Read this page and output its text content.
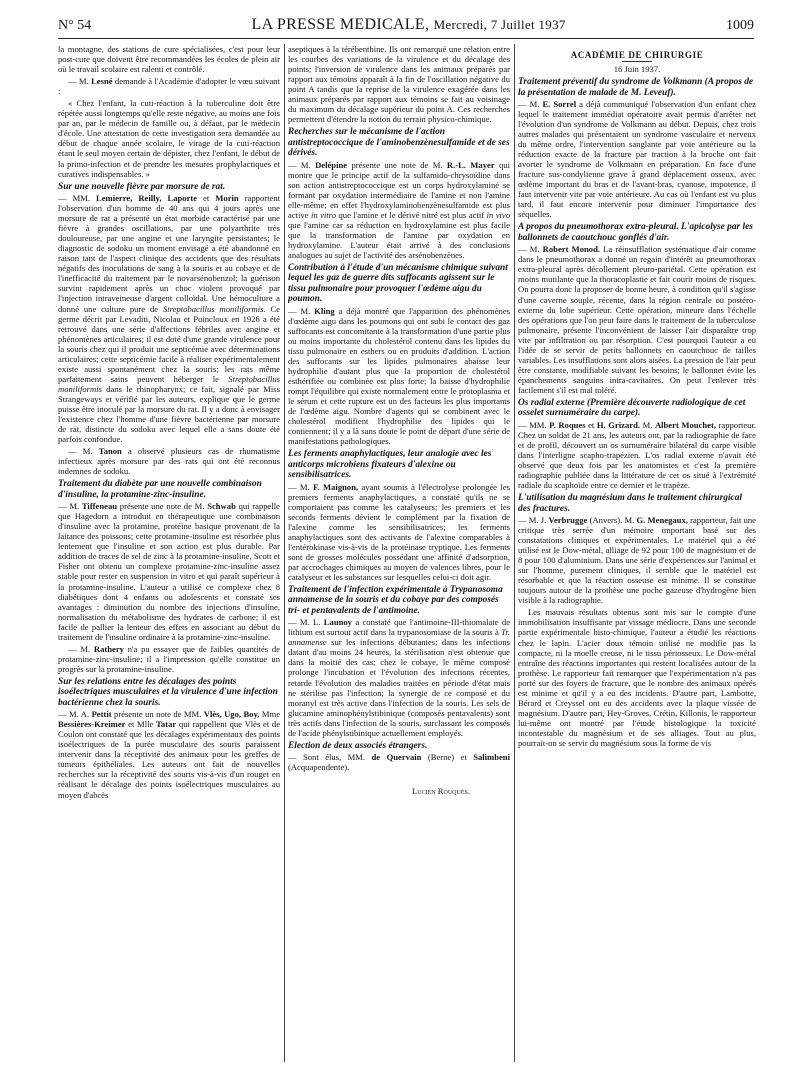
N° 54	LA PRESSE MEDICALE, Mercredi, 7 Juillet 1937	1009

la montagne, des stations de cure spécialisées, c'est pour leur post-cure que doivent être recommandées les écoles de plein air où le travail scolaire est ralenti et contrôlé.

— M. Lesné demande à l'Académie d'adopter le vœu suivant :

« Chez l'enfant, la cuti-réaction à la tuberculine doit être répétée aussi longtemps qu'elle reste négative, au moins une fois par an, par le médecin de famille ou, à défaut, par le médecin d'école. Une attestation de cette investigation sera demandée au début de chaque année scolaire, le virage de la cuti-réaction étant le seul moyen certain de dépister, chez l'enfant, le début de la primo-infection et de prendre les mesures prophylactiques et curatives indispensables. »

Sur une nouvelle fièvre par morsure de rat.

— MM. Lemierre, Reilly, Laporte et Morin rapportent l'observation d'un homme de 40 ans qui 4 jours après une morsure de rat a présenté un état morbide caractérisé par une fièvre à grandes oscillations, par une polyarthrite très douloureuse, par une angine et une laryngite persistantes; le diagnostic de sodoku un moment envisagé a été abandonné en raison tant de l'aspect clinique des accidents que des résultats négatifs des inoculations de sang à la souris et au cobaye et de l'inefficacité du traitement par le novarsénobenzol; la guérison survint rapidement après un choc violent provoqué par l'injection intraveineuse d'argent colloïdal. Une hémoculture a donné une culture pure de Streptobacillus moniliformis. Ce germe décrit par Levaditi, Nicolau et Poincloux en 1926 a été retrouvé dans une série d'affections fébriles avec angine et phénomènes articulaires; il est doté d'une grande virulence pour la souris chez qui il produit une septicémie avec déterminations articulaires; cette septicémie facile à réaliser expérimentalement existe aussi spontanément chez la souris; les rats même parfaitement sains peuvent héberger le Streptobacillus moniliformis dans le rhinopharynx; ce fait, signalé par Miss Strangeways et vérifié par les auteurs, explique que le germe puisse être inoculé par la morsure du rat. Il y a donc à envisager l'existence chez l'homme d'une fièvre bactérienne par morsure de rat, distincte du sodoku avec lequel elle a sans doute été parfois confondue.

— M. Tanon a observé plusieurs cas de rhumatisme infectieux après morsure par des rats qui ont été reconnus indemnes de sodoku.

Traitement du diabète par une nouvelle combinaison d'insuline, la protamine-zinc-insuline.

— M. Tiffeneau présente une note de M. Schwab qui rappelle que Hagedorn a introduit en thérapeutique une combinaison d'insuline avec la protamine, protéine basique provenant de la laitance des poissons; cette protamine-insuline est résorbée plus lentement que l'insuline et son action est plus durable. Par addition de traces de sel de zinc à la protamine-insuline, Scott et Fisher ont obtenu un complexe protamine-zinc-insuline assez stable pour rester en suspension in vitro et qui paraît supérieur à la protamine-insuline. L'auteur a utilisé ce complexe chez 8 diabétiques dont 4 enfants ou adolescents et constaté ses avantages : diminution du nombre des injections d'insuline, normalisation du métabolisme des hydrates de carbone; il est facile de pallier la lenteur des effets en associant au début du traitement de l'insuline ordinaire à la protamine-zinc-insuline.

— M. Rathery n'a pu essayer que de faibles quantités de protamine-zinc-insuline; il a l'impression qu'elle constitue un progrès sur la protamine-insuline.

Sur les relations entre les décalages des points isoélectriques musculaires et la virulence d'une infection bactérienne chez la souris.

— M. A. Pettit présente un note de MM. Vlès, Ugo, Boy, Mme Bessières-Kreimer et Mlle Tatar qui rappellent que Vlès et de Coulon ont constaté que les décalages expérimentaux des points isoélectriques de la purée musculaire des souris paraissent intervenir dans la réceptivité des animaux pour les greffes de tumeurs épithéliales. Les auteurs ont fait de nouvelles recherches sur la réceptivité des souris vis-à-vis d'un rouget en réalisant le décalage des points isoélectriques musculaires au moyen d'abcès

aseptiques à la térébenthine. Ils ont remarqué une relation entre les courbes des variations de la virulence et du décalage des points; l'inversion de virulence dans les animaux préparés par rapport aux témoins apparaît à la fin de l'oscillation négative du point A tandis que la reprise de la virulence exagérée dans les animaux préparés par rapport aux témoins se fait au voisinage du maximum du décalage supérieur du point A. Ces recherches permettent d'étendre la notion du terrain physico-chimique.

Recherches sur le mécanisme de l'action antistreptococcique de l'aminobenzènesulfamide et de ses dérivés.

— M. Delépine présente une note de M. R.-L. Mayer qui montre que le principe actif de la sulfamido-chrysoïdine dans son action antistreptococcique est un corps hydroxylaminé se formant par oxydation intermédiaire de l'amine et non l'amine elle-même; en effet l'hydroxylaminobenzènesulfamide est plus active in vitro que l'amine et le dérivé nitré est plus actif in vivo que l'amine car sa réduction en hydroxylamine est plus facile que la transformation de l'amine par oxydation en hydroxylamine. L'auteur était arrivé à des conclusions analogues au sujet de l'activité des arsénobenzènes.

Contribution à l'étude d'un mécanisme chimique suivant lequel les gaz de guerre dits suffocants agissent sur le tissu pulmonaire pour provoquer l'œdème aigu du poumon.

— M. Kling a déjà montré que l'apparition des phénomènes d'œdème aigu dans les poumons qui ont subi le contact des gaz suffocants est concomitante à la transformation d'une partie plus ou moins importante du cholestérol contenu dans les lipides du tissu pulmonaire en esthers ou en produits d'addition. L'action des suffocants sur les lipides pulmonaires abaisse leur hydrophilie d'autant plus que la proportion de cholestérol esthérifiée ou combinée est plus forte; la baisse d'hydrophilie rompt l'équilibre qui existe normalement entre le protoplasma et le sérum et cette rupture est un des facteurs les plus importants de l'œdème aigu. Nombre d'agents qui se combinent avec le cholestérol modifient l'hydrophilie des lipides qui le contiennent; il y a là sans doute le point de départ d'une série de manifestations pathologiques.

Les ferments anaphylactiques, leur analogie avec les anticorps microbiens fixateurs d'alexine ou sensibilisatrices.

— M. F. Maignon, ayant soumis à l'électrolyse prolongée les premiers ferments anaphylactiques, a constaté qu'ils ne se comportaient pas comme les catalyseurs; les premiers et les seconds ferments dévient le complément par la fixation de l'alexine comme les sensibilisatrices; les ferments anaphylactiques sont des activants de l'alexine comparables à l'entérokinase vis-à-vis de la protéinase tryptique. Les ferments sont de grosses molécules possédant une affinité d'adsorption, par accrochages chimiques au moyen de valences libres, pour le catalyseur et les substances sur lesquelles celui-ci doit agir.

Traitement de l'infection expérimentale à Trypanosoma annamense de la souris et du cobaye par des composés tri- et pentavalents de l'antimoine.

— M. L. Launoy a constaté que l'antimoine-III-thiomalate de lithium est surtout actif dans la trypanosomiase de la souris à Tr. annamense sur les infections débutantes; dans les infections datant d'au moins 24 heures, la stérilisation n'est obtenue que dans la moitié des cas; chez le cobaye, le même composé prolonge l'incubation et l'évolution des infections récentes, retarde l'évolution des maladies traitées en période d'état mais ne stérilise pas l'infection; la synergie de ce composé et du moranyl est très active dans l'infection de la souris. Les sels de glucamine aminophénylstibinique (composés pentavalents) sont très actifs dans l'infection de la souris, surclassant les composés de l'acide phénylstibinique actuellement employés.

Election de deux associés étrangers.

— Sont élus, MM. de Quervain (Berne) et Salimbeni (Acquapendente).

Lucien Rouquès.
ACADÉMIE DE CHIRURGIE
16 Juin 1937.
Traitement préventif du syndrome de Volkmann (A propos de la présentation de malade de M. Leveuf).

— M. E. Sorrel a déjà communiqué l'observation d'un enfant chez lequel le traitement immédiat opératoire avait permis d'arrêter net l'évolution d'un syndrome de Volkmann au début. Depuis, chez trois autres malades qui présentaient un syndrome vasculaire et nerveux du même ordre, l'intervention sanglante par voie antérieure ou la réduction exacte de la fracture par traction à la broche ont fait avorter le syndrome de Volkmann en préparation. En face d'une fracture sus-condylienne grave à grand déplacement osseux, avec œdème important du bras et de l'avant-bras, cyanose, impotence, il faut intervenir vite par voie antérieure. Au cas où l'enfant est vu plus tard, il faut encore intervenir pour diminuer l'importance des séquelles.

A propos du pneumothorax extra-pleural. L'apicolyse par les ballonnets de caoutchouc gonflés d'air.

— M. Robert Monod. La réinsufflation systématique d'air comme dans le pneumothorax a donné un regain d'intérêt au pneumothorax extra-pleural après décollement pleuro-pariétal. Cette opération est moins mutilante que la thoracoplastie et fait courir moins de risques. On pourra donc la proposer de bonne heure, à condition qu'il s'agisse d'une caverne souple, récente, dans la région centrale ou postéro-externe du lobe supérieur. Cette opération, mineure dans l'échelle des opérations que l'on peut faire dans le traitement de la tuberculose pulmonaire, présente l'inconvénient de laisser l'air disparaître trop vite par infiltration ou par résorption. C'est pourquoi l'auteur a eu l'idée de se servir de petits ballonnets en caoutchouc de tailles variables. Les insufflations sont alors aisées. La pression de l'air peut être constante, modifiable suivant les besoins; le ballonnet évite les épanchements sanguins intra-cavitaires. On peut l'enlever très facilement s'il est mal toléré.

Os radial externe (Première découverte radiologique de cet osselet surnuméraire du carpe).

— MM. P. Roques et H. Grizard. M. Albert Mouchet, rapporteur. Chez un soldat de 21 ans, les auteurs ont, par la radiographie de face et de profil, découvert un os surnuméraire bilatéral du carpe visible dans l'interligne scapho-trapézien. L'os radial externe n'avait été observé que deux fois par les anatomistes et c'est la première radiographie publiée dans la littérature de cet os situé à l'extrémité radiale du scaphoïde entre ce dernier et le trapèze.

L'utilisation du magnésium dans le traitement chirurgical des fractures.

— M. J. Verbrugge (Anvers). M. G. Menegaux, rapporteur, fait une critique très serrée d'un mémoire important basé sur des constatations cliniques et expérimentales. Le matériel qui a été utilisé est le Dow-métal, alliage de 92 pour 100 de magnésium et de 8 pour 100 d'aluminium. Dans une série d'expériences sur l'animal et sur l'homme, purement cliniques, il semble que le matériel est résorbable et que la réaction osseuse est minime. Il se constitue toujours autour de la prothèse une poche gazeuse d'hydrogène bien visible à la radiographie.

Les mauvais résultats obtenus sont mis sur le compte d'une immobilisation insuffisante par vissage médiocre. Dans une seconde partie expérimentale histo-chimique, l'auteur a étudié les réactions chez le lapin. L'acier doux témoin utilisé ne modifie pas la compacte, ni la moelle creuse, ni le tissu périosseux. Le Dow-métal entraîne des réactions importantes qui restent localisées autour de la prothèse. Le rapporteur fait remarquer que l'expérimentation n'a pas porté sur des foyers de fracture, que le nombre des animaux opérés est minime et qu'il y a eu des incidents. D'autre part, Lambotte, Bérard et Creyssel ont eu des accidents avec la plaque vissée de magnésium. D'autre part, Hey-Groves, Crétin, Killonis, le rapporteur lui-même ont montré par l'étude histologique la toxicité incontestable du magnésium et de ses alliages. Tout au plus, pourrait-on se servir du magnésium sous la forme de vis
